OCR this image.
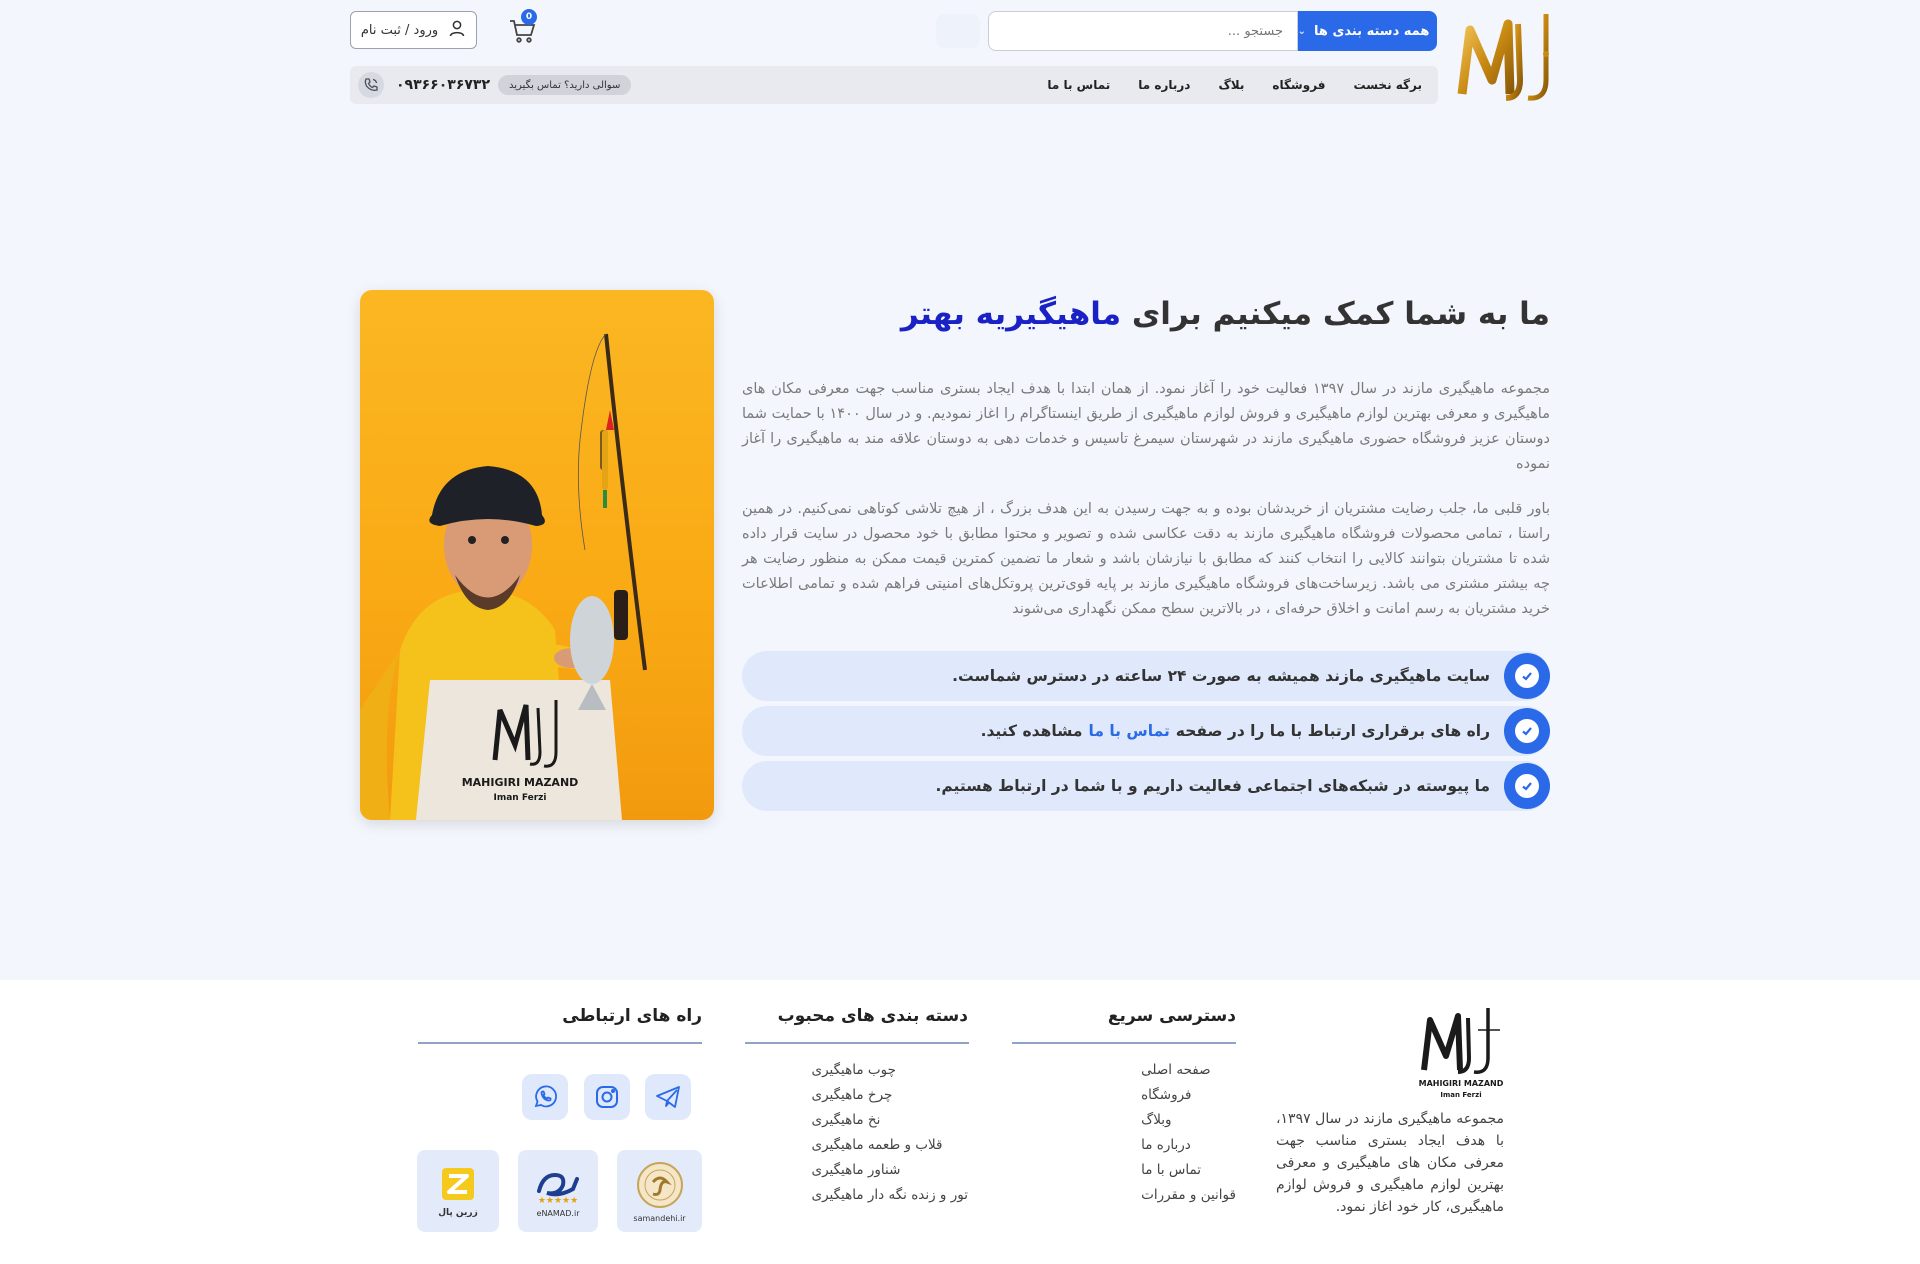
همه دسته بندی ها
⌄
جستجو ...
0
ورود / ثبت نام
برگه نخست
فروشگاه
بلاگ
درباره ما
تماس با ما
سوالی دارید؟ تماس بگیرید
۰۹۳۶۶۰۳۶۷۳۲
MAHIGIRI MAZAND
Iman Ferzi
ما به شما کمک میکنیم برای ماهیگیریه بهتر

مجموعه ماهیگیری مازند در سال ۱۳۹۷ فعالیت خود را آغاز نمود. از همان ابتدا با هدف ایجاد بستری مناسب جهت معرفی مکان های ماهیگیری و معرفی بهترین لوازم ماهیگیری و فروش لوازم ماهیگیری از طریق اینستاگرام را اغاز نمودیم. و در سال ۱۴۰۰ با حمایت شما دوستان عزیز فروشگاه حضوری ماهیگیری مازند در شهرستان سیمرغ تاسیس و خدمات دهی به دوستان علاقه مند به ماهیگیری را آغاز نموده

باور قلبی ما، جلب رضایت مشتریان از خریدشان بوده و به جهت رسیدن به این هدف بزرگ ، از هیچ تلاشی کوتاهی نمی‌کنیم. در همین راستا ، تمامی محصولات فروشگاه ماهیگیری مازند به دقت عکاسی شده و تصویر و محتوا مطابق با خود محصول در سایت قرار داده شده تا مشتریان بتوانند کالایی را انتخاب کنند که مطابق با نیازشان باشد و شعار ما تضمین کمترین قیمت ممکن به منظور رضایت هر چه بیشتر مشتری می باشد. زیرساخت‌های فروشگاه ماهیگیری مازند بر پایه قوی‌ترین پروتکل‌های امنیتی فراهم شده و تمامی اطلاعات خرید مشتریان به رسم امانت و اخلاق حرفه‌ای ، در بالاترین سطح ممکن نگهداری می‌شوند

سایت ماهیگیری مازند همیشه به صورت ۲۴ ساعته در دسترس شماست.
راه های برقراری ارتباط با ما را در صفحه
تماس با ما
مشاهده کنید.
ما پیوسته در شبکه‌های اجتماعی فعالیت داریم و با شما در ارتباط هستیم.
MAHIGIRI MAZAND
Iman Ferzi

مجموعه ماهیگیری مازند در سال ۱۳۹۷، با هدف ایجاد بستری مناسب جهت معرفی مکان های ماهیگیری و معرفی بهترین لوازم ماهیگیری و فروش لوازم ماهیگیری، کار خود اغاز نمود.

دسترسی سریع
صفحه اصلی
فروشگاه
وبلاگ
درباره ما
تماس با ما
قوانین و مقررات
دسته بندی های محبوب
چوب ماهیگیری
چرخ ماهیگیری
نخ ماهیگیری
قلاب و طعمه ماهیگیری
شناور ماهیگیری
تور و زنده نگه دار ماهیگیری
راه های ارتباطی
samandehi.ir
★★★★★
eNAMAD.ir
زرین پال
